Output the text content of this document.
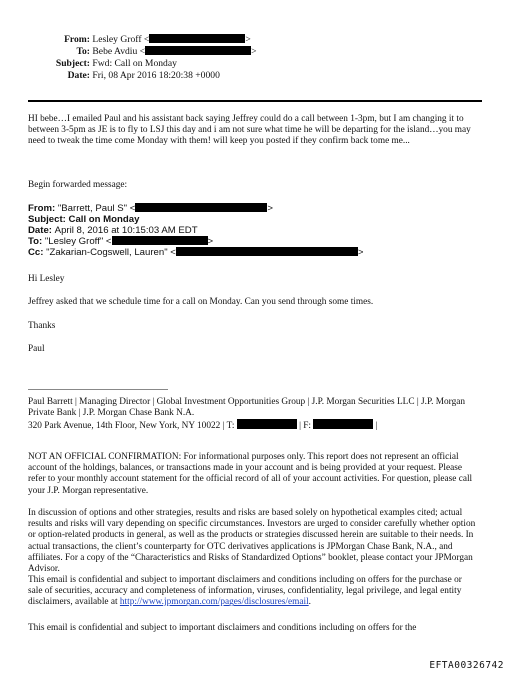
From: Lesley Groff <	>
To: Bebe Avdiu <	>
Subject: Fwd: Call on Monday
Date: Fri, 08 Apr 2016 18:20:38 +0000
HI bebe…I emailed Paul and his assistant back saying Jeffrey could do a call between 1-3pm, but I am changing it to between 3-5pm as JE is to fly to LSJ this day and i am not sure what time he will be departing for the island…you may need to tweak the time come Monday with them! will keep you posted if they confirm back tome me...
Begin forwarded message:
From: "Barrett, Paul S" <	>
Subject: Call on Monday
Date: April 8, 2016 at 10:15:03 AM EDT
To: "Lesley Groff" <	>
Cc: "Zakarian-Cogswell, Lauren" <	>
Hi Lesley
Jeffrey asked that we schedule time for a call on Monday. Can you send through some times.
Thanks
Paul
Paul Barrett | Managing Director | Global Investment Opportunities Group | J.P. Morgan Securities LLC | J.P. Morgan Private Bank | J.P. Morgan Chase Bank N.A.
320 Park Avenue, 14th Floor, New York, NY 10022 | T:	| F:	|
NOT AN OFFICIAL CONFIRMATION: For informational purposes only. This report does not represent an official account of the holdings, balances, or transactions made in your account and is being provided at your request. Please refer to your monthly account statement for the official record of all of your account activities. For question, please call your J.P. Morgan representative.
In discussion of options and other strategies, results and risks are based solely on hypothetical examples cited; actual results and risks will vary depending on specific circumstances. Investors are urged to consider carefully whether option or option-related products in general, as well as the products or strategies discussed herein are suitable to their needs. In actual transactions, the client’s counterparty for OTC derivatives applications is JPMorgan Chase Bank, N.A., and affiliates. For a copy of the “Characteristics and Risks of Standardized Options” booklet, please contact your JPMorgan Advisor.
This email is confidential and subject to important disclaimers and conditions including on offers for the purchase or sale of securities, accuracy and completeness of information, viruses, confidentiality, legal privilege, and legal entity disclaimers, available at http://www.jpmorgan.com/pages/disclosures/email.
This email is confidential and subject to important disclaimers and conditions including on offers for the
EFTA00326742
